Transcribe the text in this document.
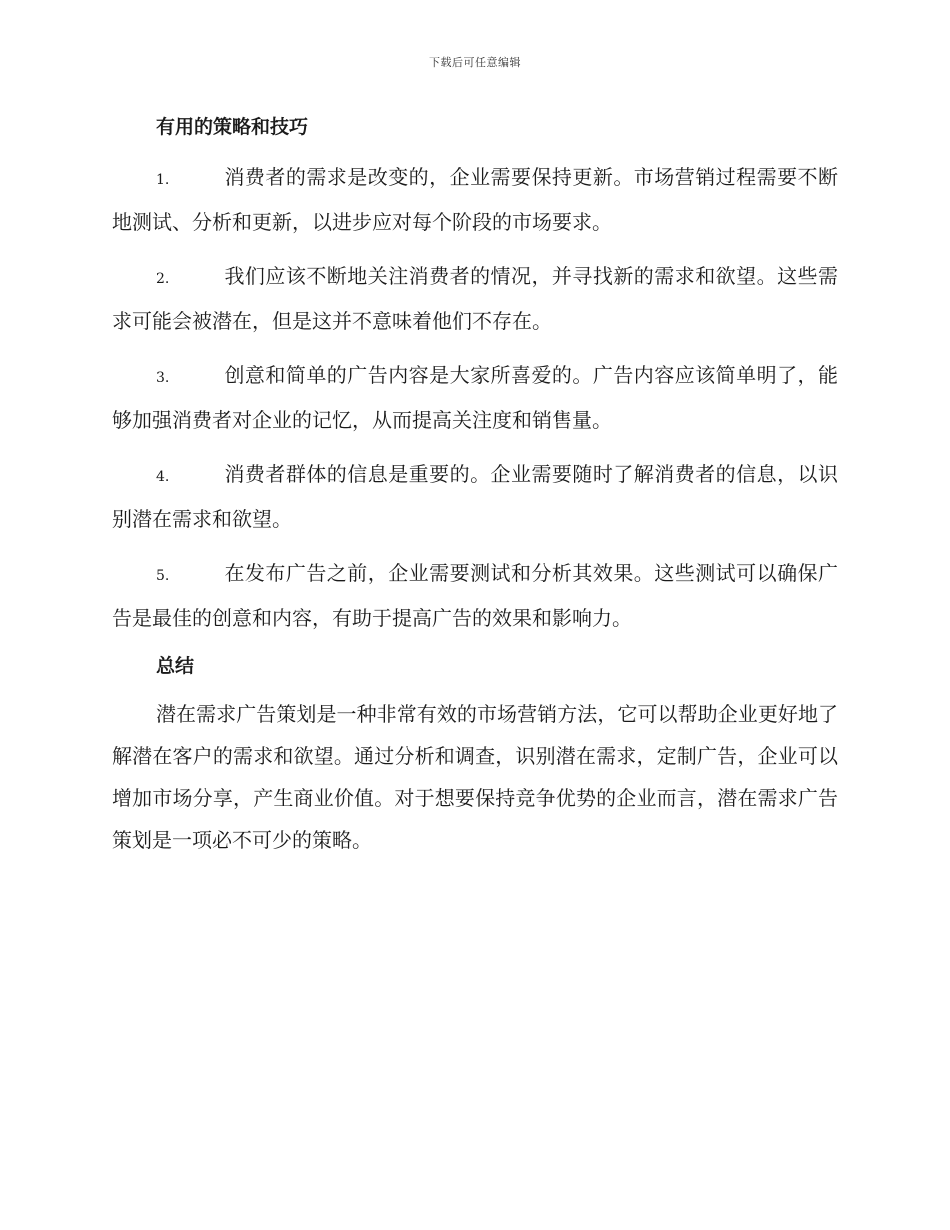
下载后可任意编辑
有用的策略和技巧

1.	消费者的需求是改变的，企业需要保持更新。市场营销过程需要不断地测试、分析和更新，以进步应对每个阶段的市场要求。

2.	我们应该不断地关注消费者的情况，并寻找新的需求和欲望。这些需求可能会被潜在，但是这并不意味着他们不存在。

3.	创意和简单的广告内容是大家所喜爱的。广告内容应该简单明了，能够加强消费者对企业的记忆，从而提高关注度和销售量。

4.	消费者群体的信息是重要的。企业需要随时了解消费者的信息，以识别潜在需求和欲望。

5.	在发布广告之前，企业需要测试和分析其效果。这些测试可以确保广告是最佳的创意和内容，有助于提高广告的效果和影响力。

总结

潜在需求广告策划是一种非常有效的市场营销方法，它可以帮助企业更好地了解潜在客户的需求和欲望。通过分析和调查，识别潜在需求，定制广告，企业可以增加市场分享，产生商业价值。对于想要保持竞争优势的企业而言，潜在需求广告策划是一项必不可少的策略。
